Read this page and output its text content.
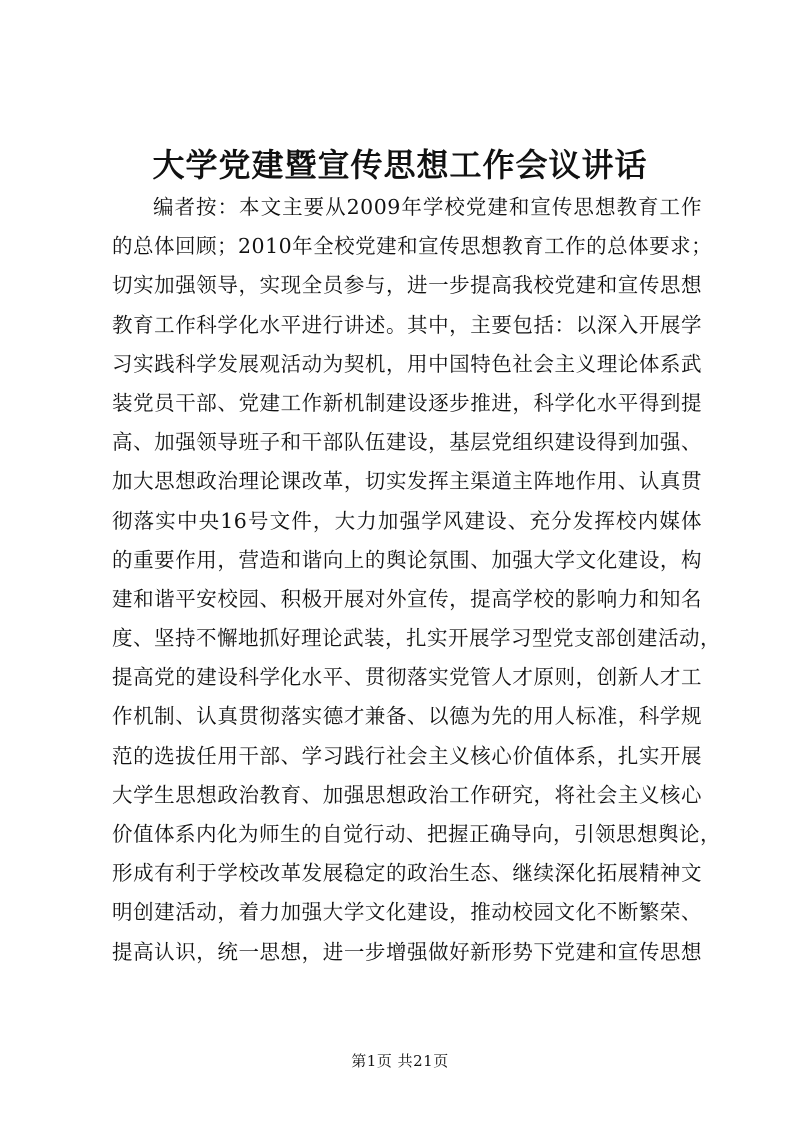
大学党建暨宣传思想工作会议讲话
编者按：本文主要从2009年学校党建和宣传思想教育工作
的总体回顾；2010年全校党建和宣传思想教育工作的总体要求；
切实加强领导，实现全员参与，进一步提高我校党建和宣传思想
教育工作科学化水平进行讲述。其中，主要包括：以深入开展学
习实践科学发展观活动为契机，用中国特色社会主义理论体系武
装党员干部、党建工作新机制建设逐步推进，科学化水平得到提
高、加强领导班子和干部队伍建设，基层党组织建设得到加强、
加大思想政治理论课改革，切实发挥主渠道主阵地作用、认真贯
彻落实中央16号文件，大力加强学风建设、充分发挥校内媒体
的重要作用，营造和谐向上的舆论氛围、加强大学文化建设，构
建和谐平安校园、积极开展对外宣传，提高学校的影响力和知名
度、坚持不懈地抓好理论武装，扎实开展学习型党支部创建活动，
提高党的建设科学化水平、贯彻落实党管人才原则，创新人才工
作机制、认真贯彻落实德才兼备、以德为先的用人标准，科学规
范的选拔任用干部、学习践行社会主义核心价值体系，扎实开展
大学生思想政治教育、加强思想政治工作研究，将社会主义核心
价值体系内化为师生的自觉行动、把握正确导向，引领思想舆论，
形成有利于学校改革发展稳定的政治生态、继续深化拓展精神文
明创建活动，着力加强大学文化建设，推动校园文化不断繁荣、
提高认识，统一思想，进一步增强做好新形势下党建和宣传思想
第1页 共21页
